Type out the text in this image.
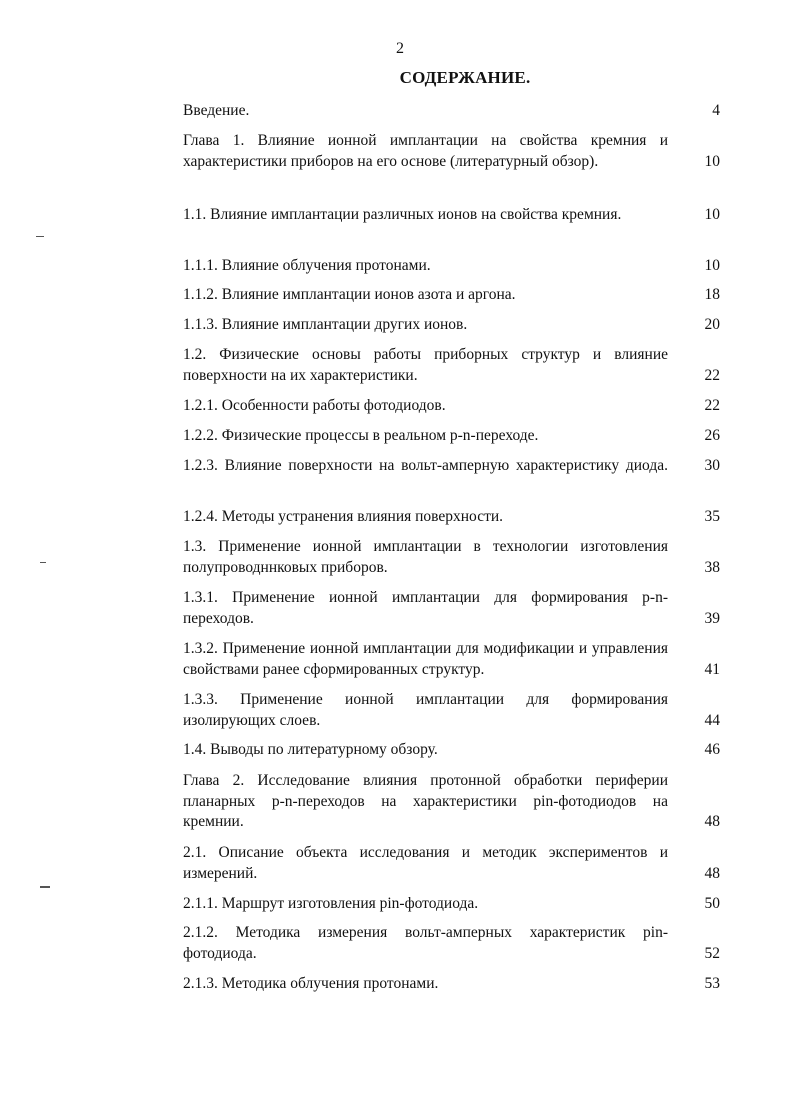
2
СОДЕРЖАНИЕ.
Введение.	4
Глава 1. Влияние ионной имплантации на свойства кремния и характеристики приборов на его основе (литературный обзор).	10
1.1. Влияние имплантации различных ионов на свойства кремния.	10
1.1.1. Влияние облучения протонами.	10
1.1.2. Влияние имплантации ионов азота и аргона.	18
1.1.3. Влияние имплантации других ионов.	20
1.2. Физические основы работы приборных структур и влияние поверхности на их характеристики.	22
1.2.1. Особенности работы фотодиодов.	22
1.2.2. Физические процессы в реальном p-n-переходе.	26
1.2.3. Влияние поверхности на вольт-амперную характеристику диода.	30
1.2.4. Методы устранения влияния поверхности.	35
1.3. Применение ионной имплантации в технологии изготовления полупроводннковых приборов.	38
1.3.1. Применение ионной имплантации для формирования p-n-переходов.	39
1.3.2. Применение ионной имплантации для модификации и управления свойствами ранее сформированных структур.	41
1.3.3. Применение ионной имплантации для формирования изолирующих слоев.	44
1.4. Выводы по литературному обзору.	46
Глава 2. Исследование влияния протонной обработки периферии планарных p-n-переходов на характеристики pin-фотодиодов на кремнии.	48
2.1. Описание объекта исследования и методик экспериментов и измерений.	48
2.1.1. Маршрут изготовления pin-фотодиода.	50
2.1.2. Методика измерения вольт-амперных характеристик pin-фотодиода.	52
2.1.3. Методика облучения протонами.	53
